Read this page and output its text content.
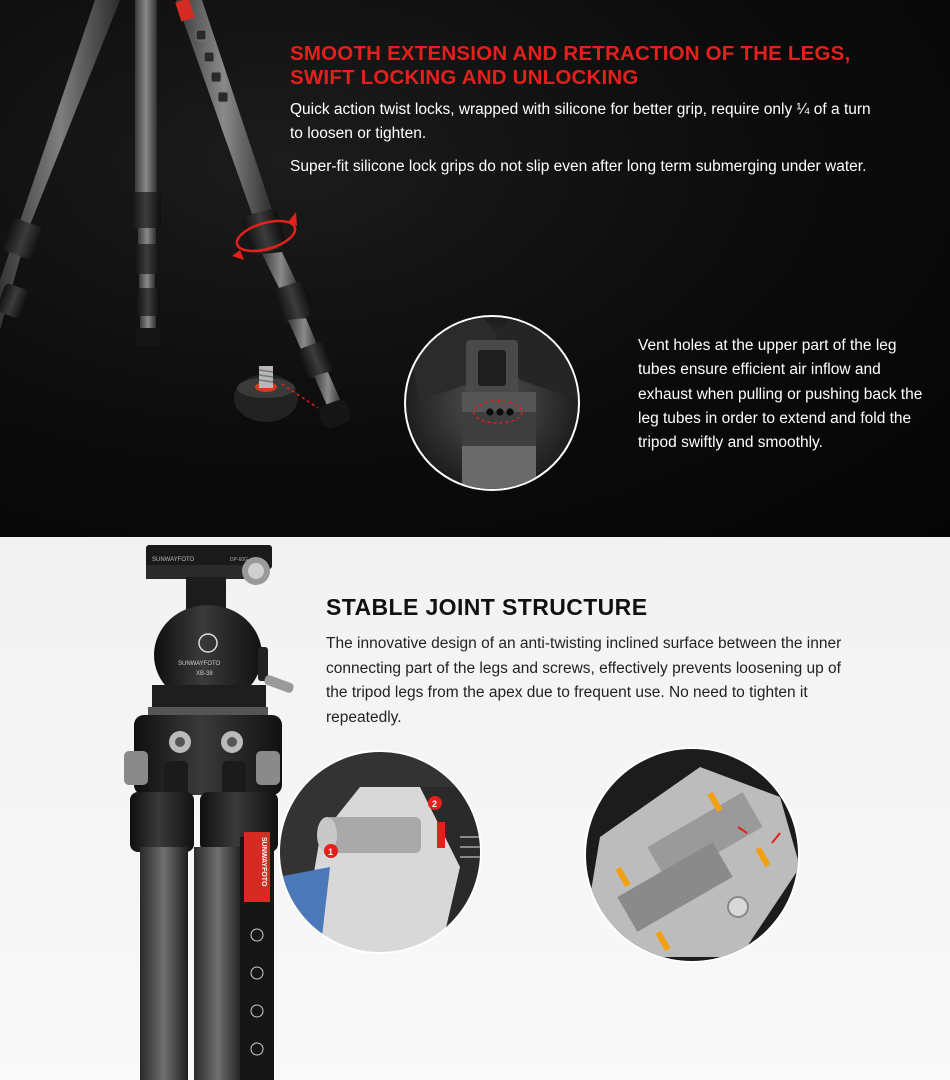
SMOOTH EXTENSION AND RETRACTION OF THE LEGS,
SWIFT LOCKING AND UNLOCKING

Quick action twist locks, wrapped with silicone for better grip, require only ¼ of a turn to loosen or tighten.

Super-fit silicone lock grips do not slip even after long term submerging under water.

Vent holes at the upper part of the leg tubes ensure efficient air inflow and exhaust when pulling or pushing back the leg tubes in order to extend and fold the tripod swiftly and smoothly.

SUNWAYFOTO	DP-60G
SUNWAYFOTO
XB-38
SUNWAYFOTO	1
2
STABLE JOINT STRUCTURE

The innovative design of an anti-twisting inclined surface between the inner connecting part of the legs and screws, effectively prevents loosening up of the tripod legs from the apex due to frequent use. No need to tighten it repeatedly.
